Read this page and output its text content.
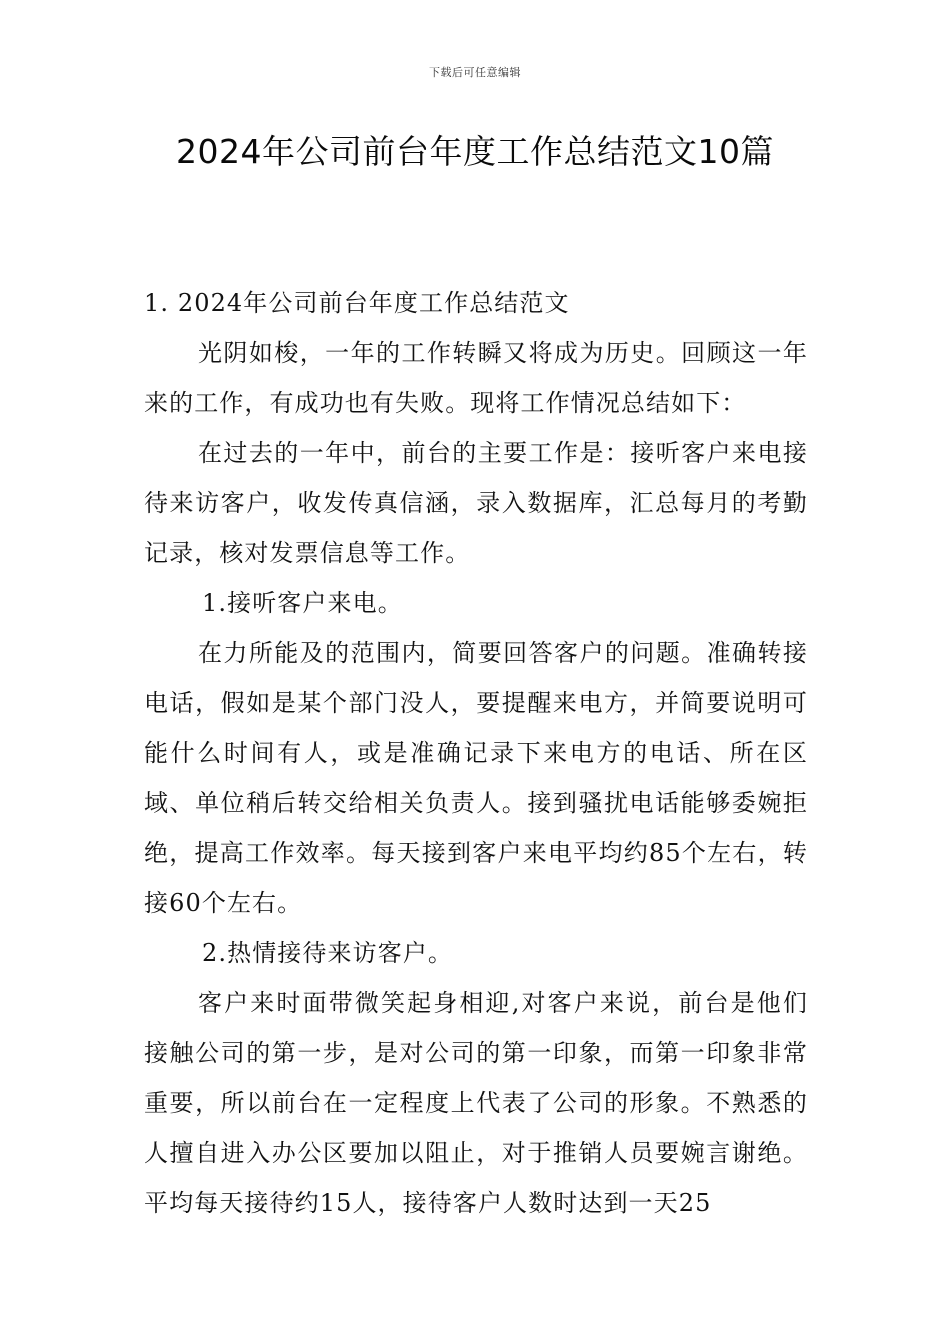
下载后可任意编辑
2024年公司前台年度工作总结范文10篇

1. 2024年公司前台年度工作总结范文

光阴如梭，一年的工作转瞬又将成为历史。回顾这一年来的工作，有成功也有失败。现将工作情况总结如下：

在过去的一年中，前台的主要工作是：接听客户来电接待来访客户，收发传真信涵，录入数据库，汇总每月的考勤记录，核对发票信息等工作。

1.接听客户来电。

在力所能及的范围内，简要回答客户的问题。准确转接电话，假如是某个部门没人，要提醒来电方，并简要说明可能什么时间有人，或是准确记录下来电方的电话、所在区域、单位稍后转交给相关负责人。接到骚扰电话能够委婉拒绝，提高工作效率。每天接到客户来电平均约85个左右，转接60个左右。

2.热情接待来访客户。

客户来时面带微笑起身相迎,对客户来说，前台是他们接触公司的第一步，是对公司的第一印象，而第一印象非常重要，所以前台在一定程度上代表了公司的形象。不熟悉的人擅自进入办公区要加以阻止，对于推销人员要婉言谢绝。平均每天接待约15人，接待客户人数时达到一天25
